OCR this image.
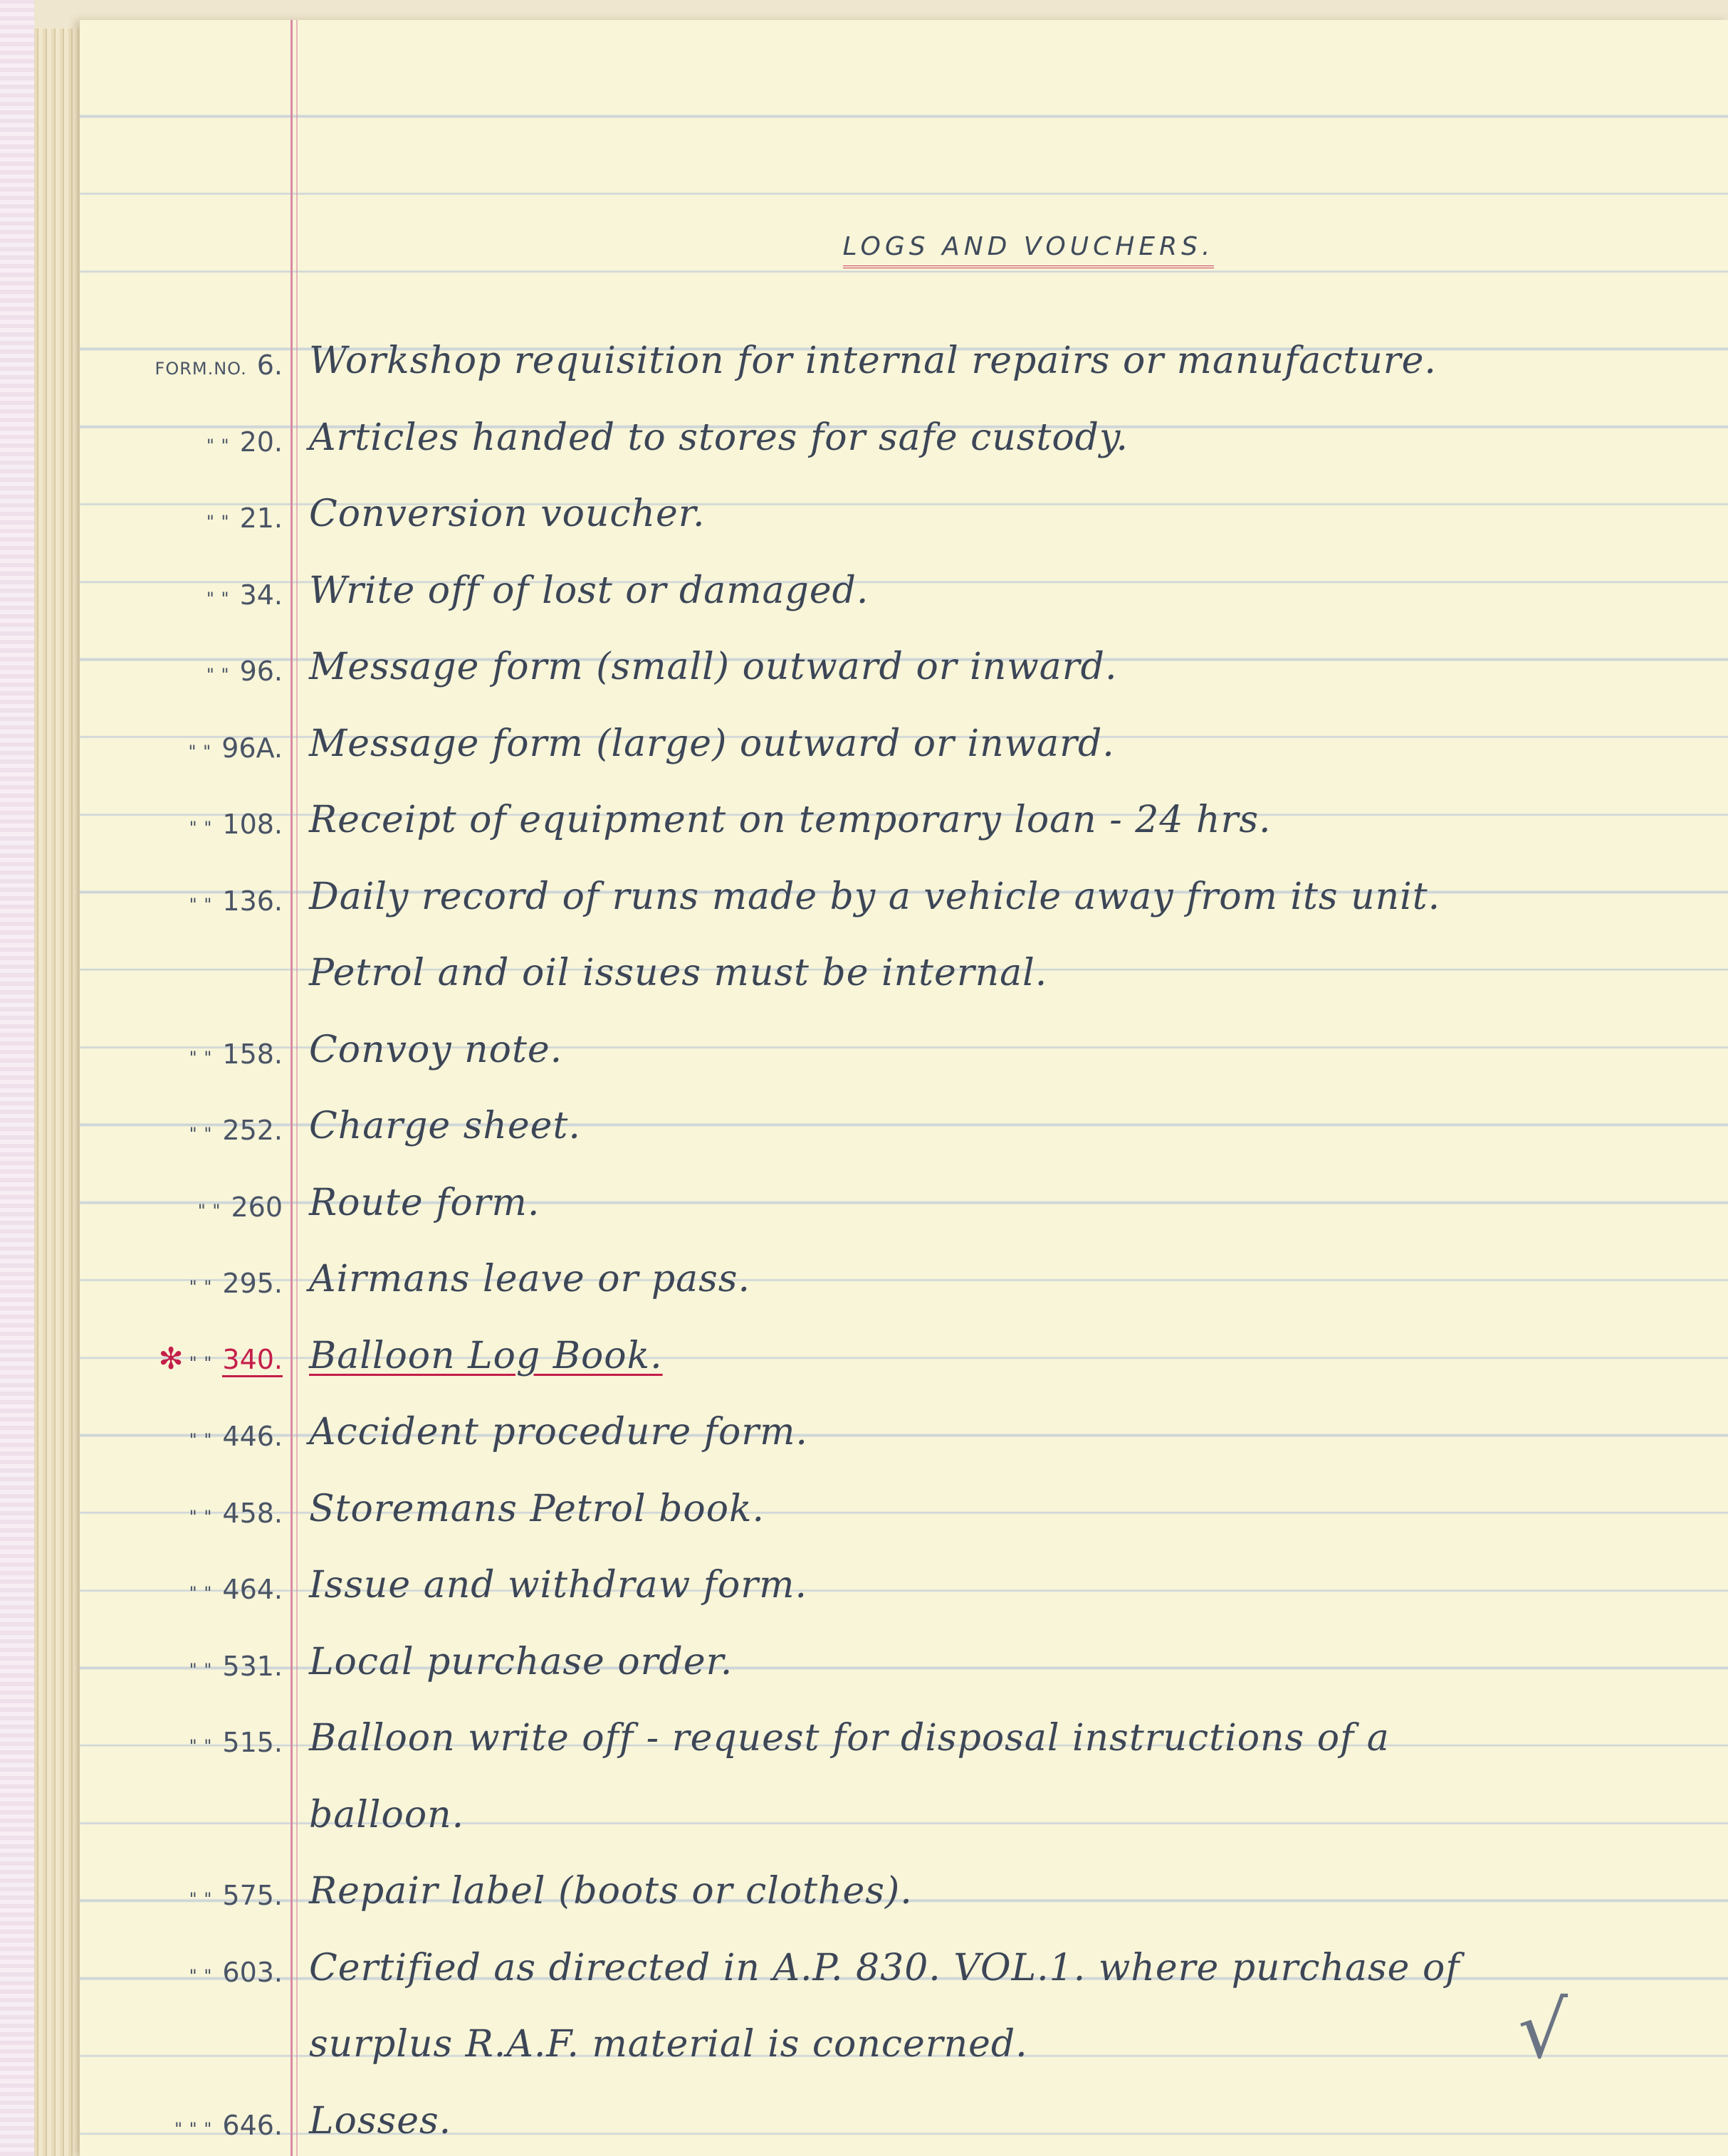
LOGS AND VOUCHERS.
FORM.NO. 6. Workshop requisition for internal repairs or manufacture.
" " 20. Articles handed to stores for safe custody.
" " 21. Conversion voucher.
" " 34. Write off of lost or damaged.
" " 96. Message form (small) outward or inward.
" " 96A. Message form (large) outward or inward.
" " 108. Receipt of equipment on temporary loan - 24 hrs.
" " 136. Daily record of runs made by a vehicle away from its unit.
Petrol and oil issues must be internal.
" " 158. Convoy note.
" " 252. Charge sheet.
" " 260 Route form.
" " 295. Airmans leave or pass.
✻ " " 340. Balloon Log Book.
" " 446. Accident procedure form.
" " 458. Storemans Petrol book.
" " 464. Issue and withdraw form.
" " 531. Local purchase order.
" " 515. Balloon write off - request for disposal instructions of a
balloon.
" " 575. Repair label (boots or clothes).
" " 603. Certified as directed in A.P. 830. VOL.1. where purchase of
surplus R.A.F. material is concerned.
" " " 646. Losses.
√
